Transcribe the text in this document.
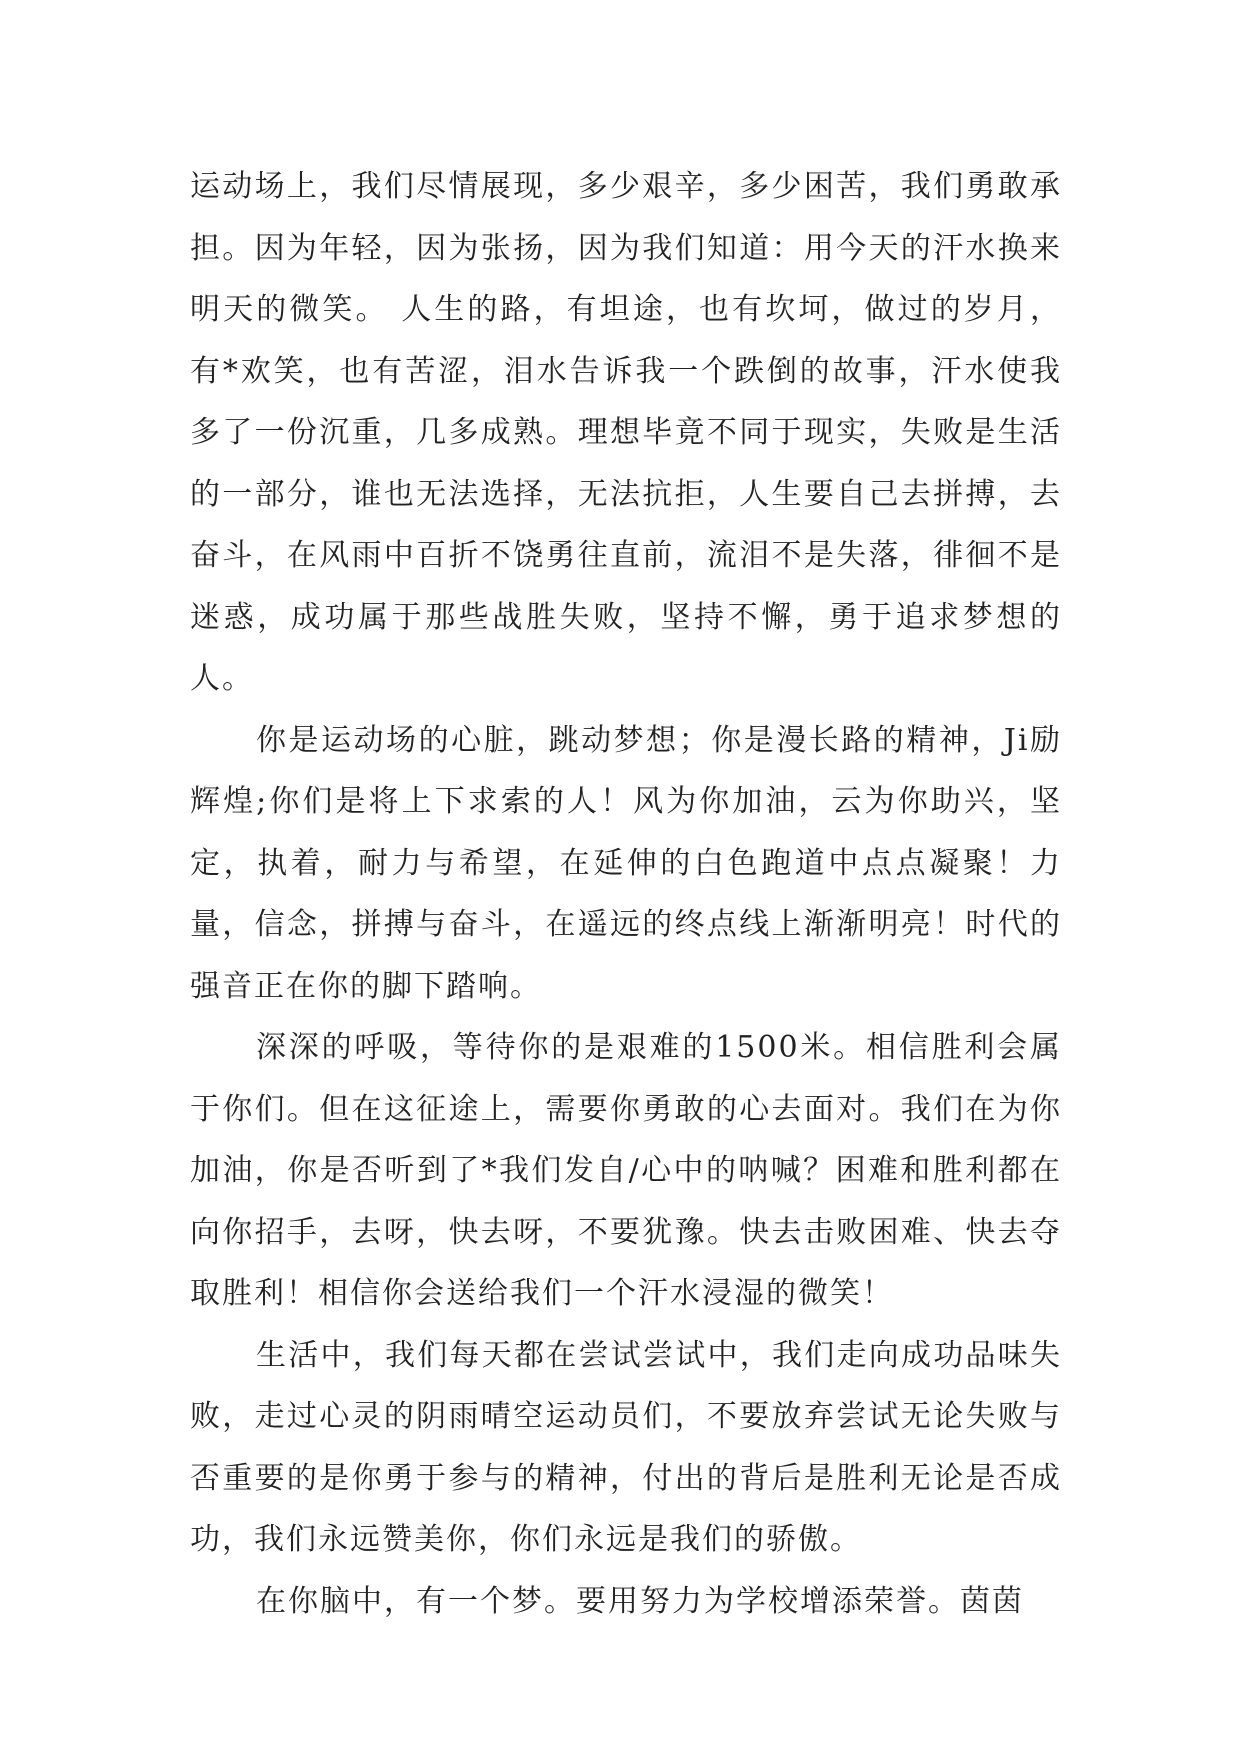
运动场上，我们尽情展现，多少艰辛，多少困苦，我们勇敢承担。因为年轻，因为张扬，因为我们知道：用今天的汗水换来明天的微笑。 人生的路，有坦途，也有坎坷，做过的岁月，有*欢笑，也有苦涩，泪水告诉我一个跌倒的故事，汗水使我多了一份沉重，几多成熟。理想毕竟不同于现实，失败是生活的一部分，谁也无法选择，无法抗拒，人生要自己去拼搏，去奋斗，在风雨中百折不饶勇往直前，流泪不是失落，徘徊不是迷惑，成功属于那些战胜失败，坚持不懈，勇于追求梦想的人。

你是运动场的心脏，跳动梦想；你是漫长路的精神，Ji励辉煌;你们是将上下求索的人！风为你加油，云为你助兴，坚定，执着，耐力与希望，在延伸的白色跑道中点点凝聚！力量，信念，拼搏与奋斗，在遥远的终点线上渐渐明亮！时代的强音正在你的脚下踏响。

深深的呼吸，等待你的是艰难的1500米。相信胜利会属于你们。但在这征途上，需要你勇敢的心去面对。我们在为你加油，你是否听到了*我们发自/心中的呐喊？困难和胜利都在向你招手，去呀，快去呀，不要犹豫。快去击败困难、快去夺取胜利！相信你会送给我们一个汗水浸湿的微笑！

生活中，我们每天都在尝试尝试中，我们走向成功品味失败，走过心灵的阴雨晴空运动员们，不要放弃尝试无论失败与否重要的是你勇于参与的精神，付出的背后是胜利无论是否成功，我们永远赞美你，你们永远是我们的骄傲。

在你脑中，有一个梦。要用努力为学校增添荣誉。茵茵
